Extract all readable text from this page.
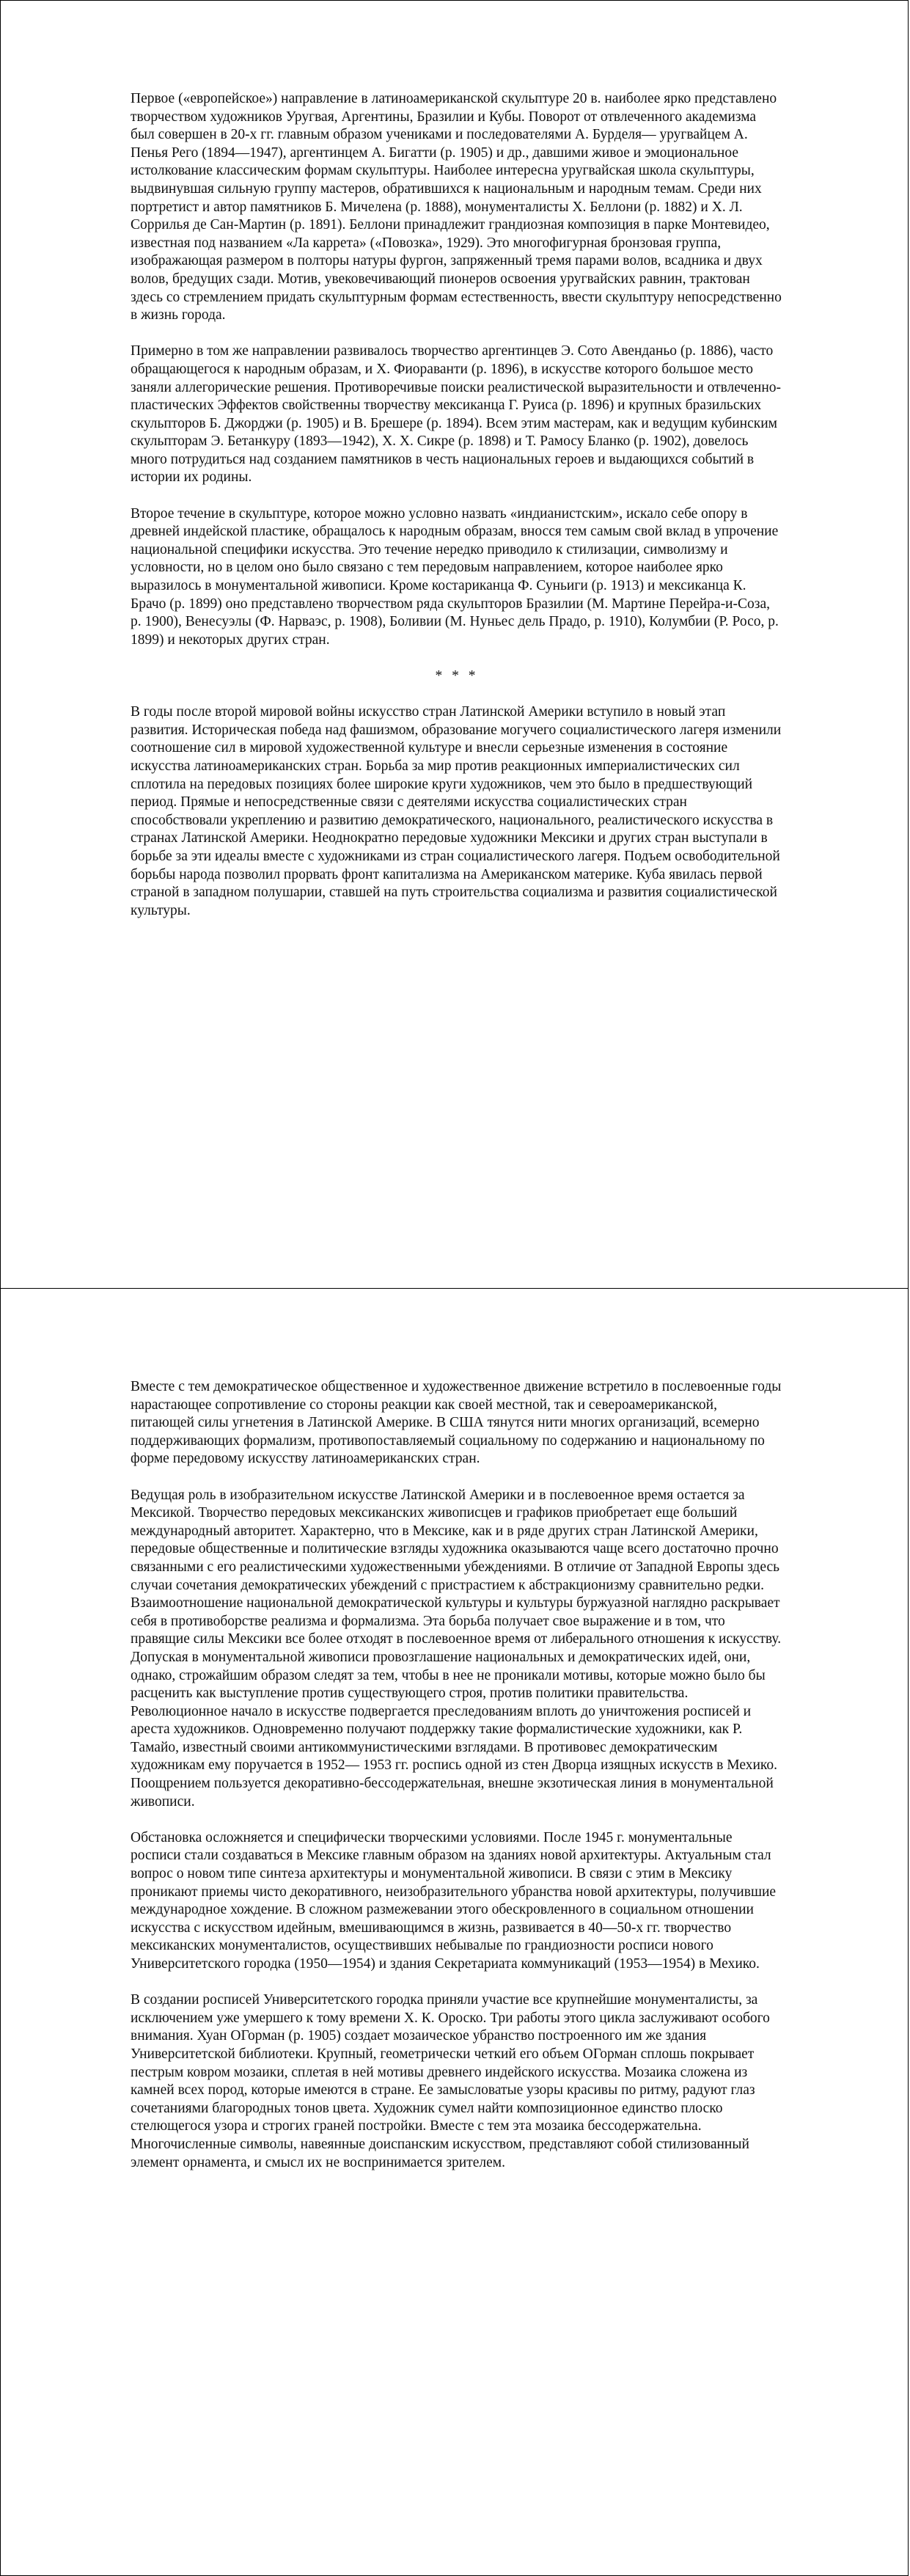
Первое («европейское») направление в латиноамериканской скульптуре 20 в. наиболее ярко представлено творчеством художников Уругвая, Аргентины, Бразилии и Кубы. Поворот от отвлеченного академизма был совершен в 20-х гг. главным образом учениками и последователями А. Бурделя— уругвайцем А. Пенья Рего (1894—1947), аргентинцем А. Бигатти (р. 1905) и др., давшими живое и эмоциональное истолкование классическим формам скульптуры. Наиболее интересна уругвайская школа скульптуры, выдвинувшая сильную группу мастеров, обратившихся к национальным и народным темам. Среди них портретист и автор памятников Б. Мичелена (р. 1888), монументалисты Х. Беллони (р. 1882) и Х. Л. Соррилья де Сан-Мартин (р. 1891). Беллони принадлежит грандиозная композиция в парке Монтевидео, известная под названием «Ла каррета» («Повозка», 1929). Это многофигурная бронзовая группа, изображающая размером в полторы натуры фургон, запряженный тремя парами волов, всадника и двух волов, бредущих сзади. Мотив, увековечивающий пионеров освоения уругвайских равнин, трактован здесь со стремлением придать скульптурным формам естественность, ввести скульптуру непосредственно в жизнь города.

Примерно в том же направлении развивалось творчество аргентинцев Э. Сото Авенданьо (р. 1886), часто обращающегося к народным образам, и Х. Фиораванти (р. 1896), в искусстве которого большое место заняли аллегорические решения. Противоречивые поиски реалистической выразительности и отвлеченно-пластических Эффектов свойственны творчеству мексиканца Г. Руиса (р. 1896) и крупных бразильских скульпторов Б. Джорджи (р. 1905) и В. Брешере (р. 1894). Всем этим мастерам, как и ведущим кубинским скульпторам Э. Бетанкуру (1893—1942), Х. Х. Сикре (р. 1898) и Т. Рамосу Бланко (р. 1902), довелось много потрудиться над созданием памятников в честь национальных героев и выдающихся событий в истории их родины.

Второе течение в скульптуре, которое можно условно назвать «индианистским», искало себе опору в древней индейской пластике, обращалось к народным образам, вносся тем самым свой вклад в упрочение национальной специфики искусства. Это течение нередко приводило к стилизации, символизму и условности, но в целом оно было связано с тем передовым направлением, которое наиболее ярко выразилось в монументальной живописи. Кроме костариканца Ф. Суньиги (р. 1913) и мексиканца К. Брачо (р. 1899) оно представлено творчеством ряда скульпторов Бразилии (М. Мартине Перейра-и-Соза, р. 1900), Венесуэлы (Ф. Нарваэс, р. 1908), Боливии (М. Нуньес дель Прадо, р. 1910), Колумбии (Р. Росо, р. 1899) и некоторых других стран.

* * *

В годы после второй мировой войны искусство стран Латинской Америки вступило в новый этап развития. Историческая победа над фашизмом, образование могучего социалистического лагеря изменили соотношение сил в мировой художественной культуре и внесли серьезные изменения в состояние искусства латиноамериканских стран. Борьба за мир против реакционных империалистических сил сплотила на передовых позициях более широкие круги художников, чем это было в предшествующий период. Прямые и непосредственные связи с деятелями искусства социалистических стран способствовали укреплению и развитию демократического, национального, реалистического искусства в странах Латинской Америки. Неоднократно передовые художники Мексики и других стран выступали в борьбе за эти идеалы вместе с художниками из стран социалистического лагеря. Подъем освободительной борьбы народа позволил прорвать фронт капитализма на Американском материке. Куба явилась первой страной в западном полушарии, ставшей на путь строительства социализма и развития социалистической культуры.

Вместе с тем демократическое общественное и художественное движение встретило в послевоенные годы нарастающее сопротивление со стороны реакции как своей местной, так и североамериканской, питающей силы угнетения в Латинской Америке. В США тянутся нити многих организаций, всемерно поддерживающих формализм, противопоставляемый социальному по содержанию и национальному по форме передовому искусству латиноамериканских стран.

Ведущая роль в изобразительном искусстве Латинской Америки и в послевоенное время остается за Мексикой. Творчество передовых мексиканских живописцев и графиков приобретает еще больший международный авторитет. Характерно, что в Мексике, как и в ряде других стран Латинской Америки, передовые общественные и политические взгляды художника оказываются чаще всего достаточно прочно связанными с его реалистическими художественными убеждениями. В отличие от Западной Европы здесь случаи сочетания демократических убеждений с пристрастием к абстракционизму сравнительно редки. Взаимоотношение национальной демократической культуры и культуры буржуазной наглядно раскрывает себя в противоборстве реализма и формализма. Эта борьба получает свое выражение и в том, что правящие силы Мексики все более отходят в послевоенное время от либерального отношения к искусству. Допуская в монументальной живописи провозглашение национальных и демократических идей, они, однако, строжайшим образом следят за тем, чтобы в нее не проникали мотивы, которые можно было бы расценить как выступление против существующего строя, против политики правительства. Революционное начало в искусстве подвергается преследованиям вплоть до уничтожения росписей и ареста художников. Одновременно получают поддержку такие формалистические художники, как Р. Тамайо, известный своими антикоммунистическими взглядами. В противовес демократическим художникам ему поручается в 1952— 1953 гг. роспись одной из стен Дворца изящных искусств в Мехико. Поощрением пользуется декоративно-бессодержательная, внешне экзотическая линия в монументальной живописи.

Обстановка осложняется и специфически творческими условиями. После 1945 г. монументальные росписи стали создаваться в Мексике главным образом на зданиях новой архитектуры. Актуальным стал вопрос о новом типе синтеза архитектуры и монументальной живописи. В связи с этим в Мексику проникают приемы чисто декоративного, неизобразительного убранства новой архитектуры, получившие международное хождение. В сложном размежевании этого обескровленного в социальном отношении искусства с искусством идейным, вмешивающимся в жизнь, развивается в 40—50-х гг. творчество мексиканских монументалистов, осуществивших небывалые по грандиозности росписи нового Университетского городка (1950—1954) и здания Секретариата коммуникаций (1953—1954) в Мехико.

В создании росписей Университетского городка приняли участие все крупнейшие монументалисты, за исключением уже умершего к тому времени Х. К. Ороско. Три работы этого цикла заслуживают особого внимания. Хуан ОГорман (р. 1905) создает мозаическое убранство построенного им же здания Университетской библиотеки. Крупный, геометрически четкий его объем ОГорман сплошь покрывает пестрым ковром мозаики, сплетая в ней мотивы древнего индейского искусства. Мозаика сложена из камней всех пород, которые имеются в стране. Ее замысловатые узоры красивы по ритму, радуют глаз сочетаниями благородных тонов цвета. Художник сумел найти композиционное единство плоско стелющегося узора и строгих граней постройки. Вместе с тем эта мозаика бессодержательна. Многочисленные символы, навеянные доиспанским искусством, представляют собой стилизованный элемент орнамента, и смысл их не воспринимается зрителем.
